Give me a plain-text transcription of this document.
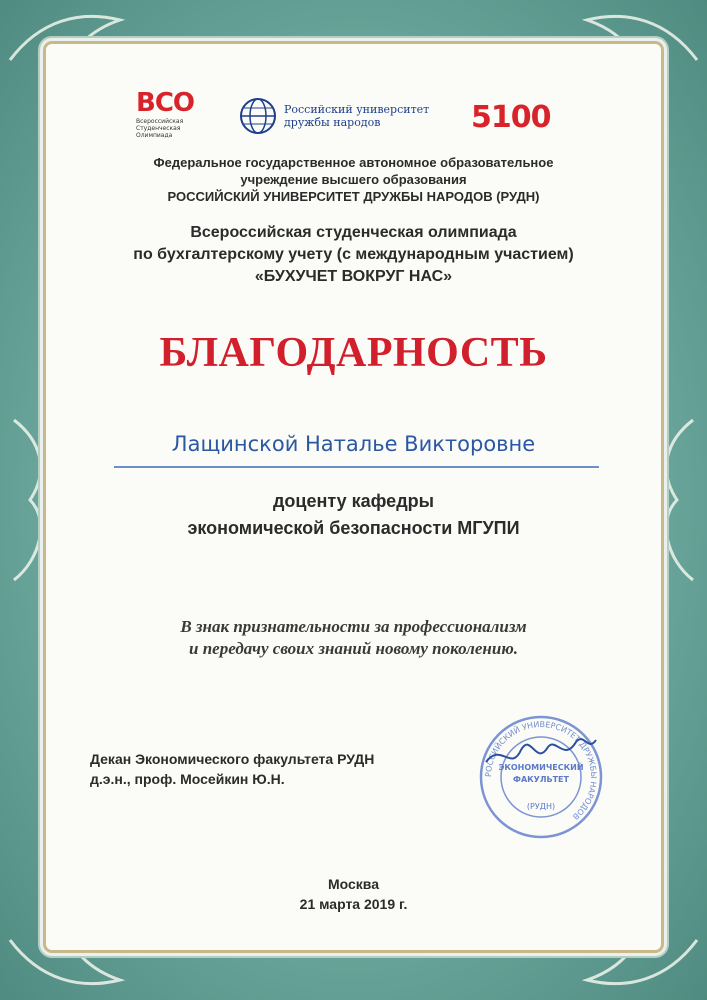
ВСО
Всероссийская Студенческая Олимпиада
Российский университет
дружбы народов	5100
Федеральное государственное автономное образовательное
учреждение высшего образования
РОССИЙСКИЙ УНИВЕРСИТЕТ ДРУЖБЫ НАРОДОВ (РУДН)
Всероссийская студенческая олимпиада
по бухгалтерскому учету (с международным участием)
«БУХУЧЕТ ВОКРУГ НАС»
БЛАГОДАРНОСТЬ
Лащинской Наталье Викторовне
доценту кафедры
экономической безопасности МГУПИ
В знак признательности за профессионализм
и передачу своих знаний новому поколению.
Декан Экономического факультета РУДН
д.э.н., проф. Мосейкин Ю.Н.	РОССИЙСКИЙ УНИВЕРСИТЕТ ДРУЖБЫ НАРОДОВ
ЭКОНОМИЧЕСКИЙ
ФАКУЛЬТЕТ
(РУДН)
Москва
21 марта 2019 г.
